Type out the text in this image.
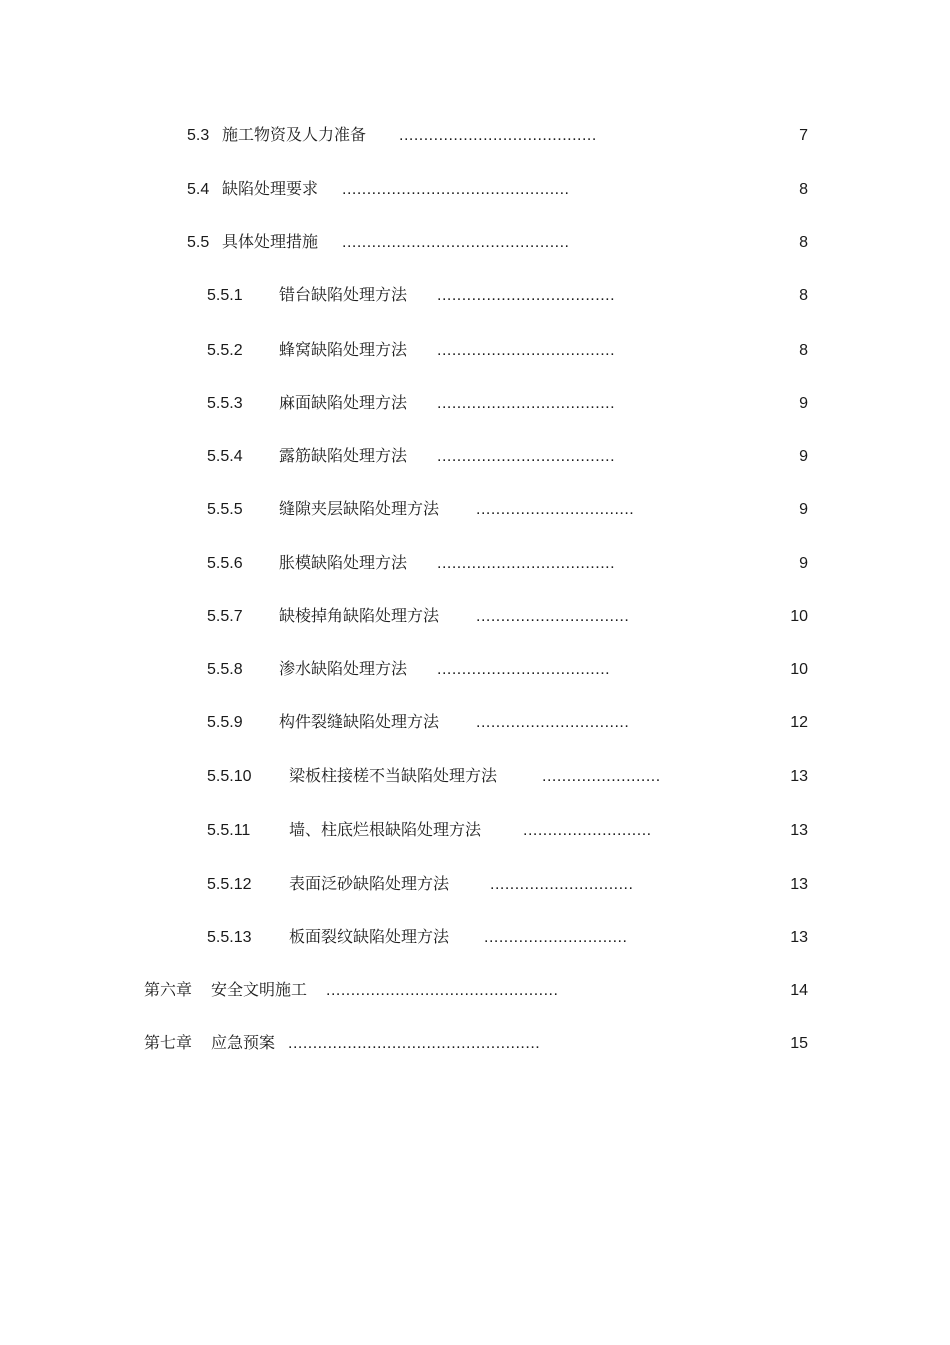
5.3 施工物资及人力准备 ........................................	7
5.4 缺陷处理要求 ..............................................	8
5.5 具体处理措施 ..............................................	8
5.5.1 错台缺陷处理方法 ....................................	8
5.5.2 蜂窝缺陷处理方法 ....................................	8
5.5.3 麻面缺陷处理方法 ....................................	9
5.5.4 露筋缺陷处理方法 ....................................	9
5.5.5 缝隙夹层缺陷处理方法 ................................	9
5.5.6 胀模缺陷处理方法 ....................................	9
5.5.7 缺棱掉角缺陷处理方法 ...............................	10
5.5.8 渗水缺陷处理方法 ...................................	10
5.5.9 构件裂缝缺陷处理方法 ...............................	12
5.5.10 梁板柱接槎不当缺陷处理方法	........................	13
5.5.11 墙、柱底烂根缺陷处理方法	..........................	13
5.5.12 表面泛砂缺陷处理方法	.............................	13
5.5.13 板面裂纹缺陷处理方法 .............................	13
第六章 安全文明施工 ...............................................	14
第七章 应急预案 ...................................................	15
